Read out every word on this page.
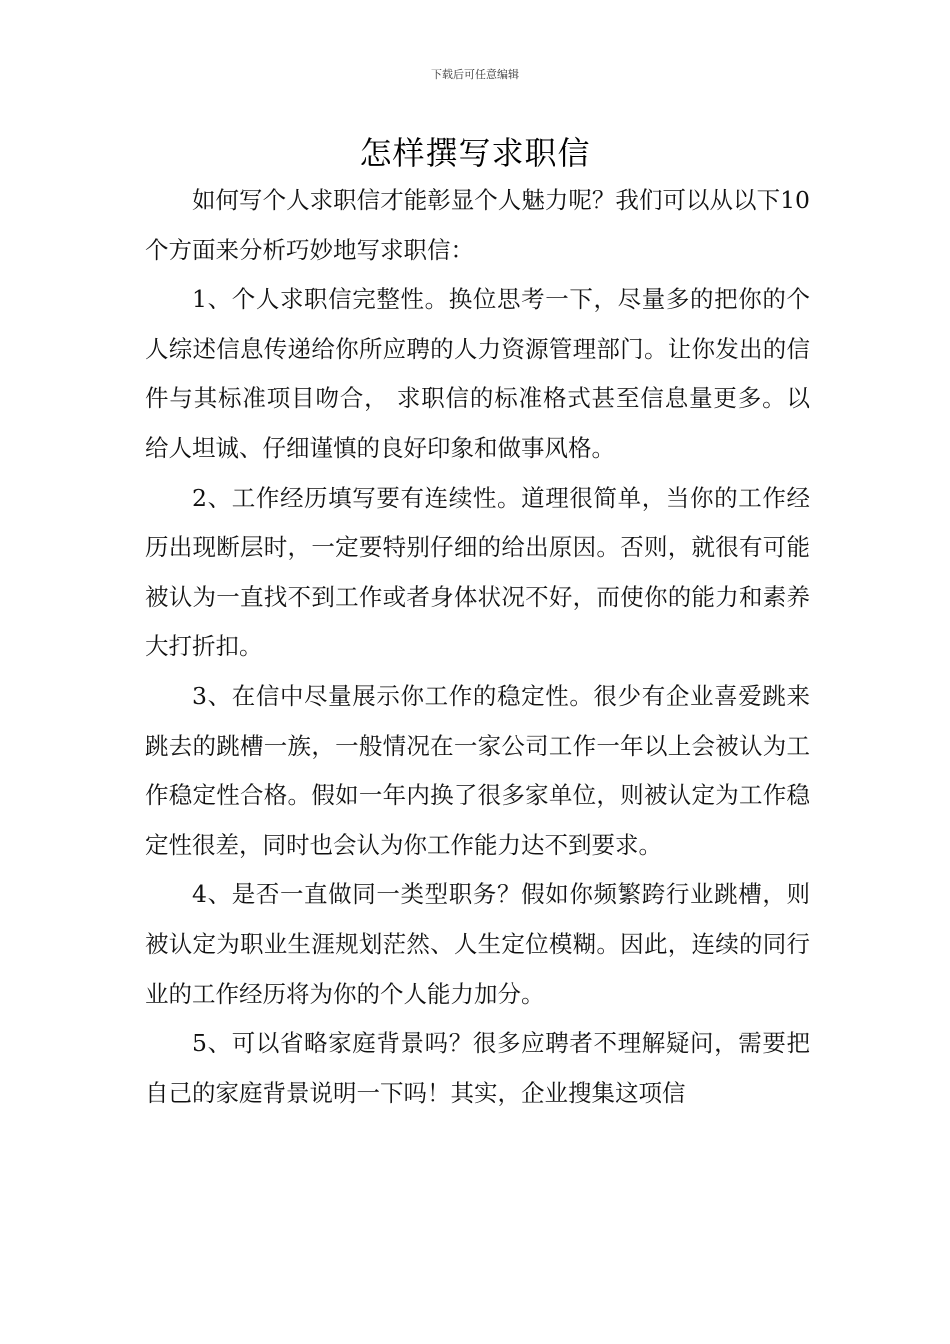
下载后可任意编辑
怎样撰写求职信

如何写个人求职信才能彰显个人魅力呢？我们可以从以下10个方面来分析巧妙地写求职信：

1、个人求职信完整性。换位思考一下，尽量多的把你的个人综述信息传递给你所应聘的人力资源管理部门。让你发出的信件与其标准项目吻合， 求职信的标准格式甚至信息量更多。以给人坦诚、仔细谨慎的良好印象和做事风格。

2、工作经历填写要有连续性。道理很简单，当你的工作经历出现断层时，一定要特别仔细的给出原因。否则，就很有可能被认为一直找不到工作或者身体状况不好，而使你的能力和素养大打折扣。

3、在信中尽量展示你工作的稳定性。很少有企业喜爱跳来跳去的跳槽一族，一般情况在一家公司工作一年以上会被认为工作稳定性合格。假如一年内换了很多家单位，则被认定为工作稳定性很差，同时也会认为你工作能力达不到要求。

4、是否一直做同一类型职务？假如你频繁跨行业跳槽，则被认定为职业生涯规划茫然、人生定位模糊。因此，连续的同行业的工作经历将为你的个人能力加分。

5、可以省略家庭背景吗？很多应聘者不理解疑问，需要把自己的家庭背景说明一下吗！其实，企业搜集这项信
